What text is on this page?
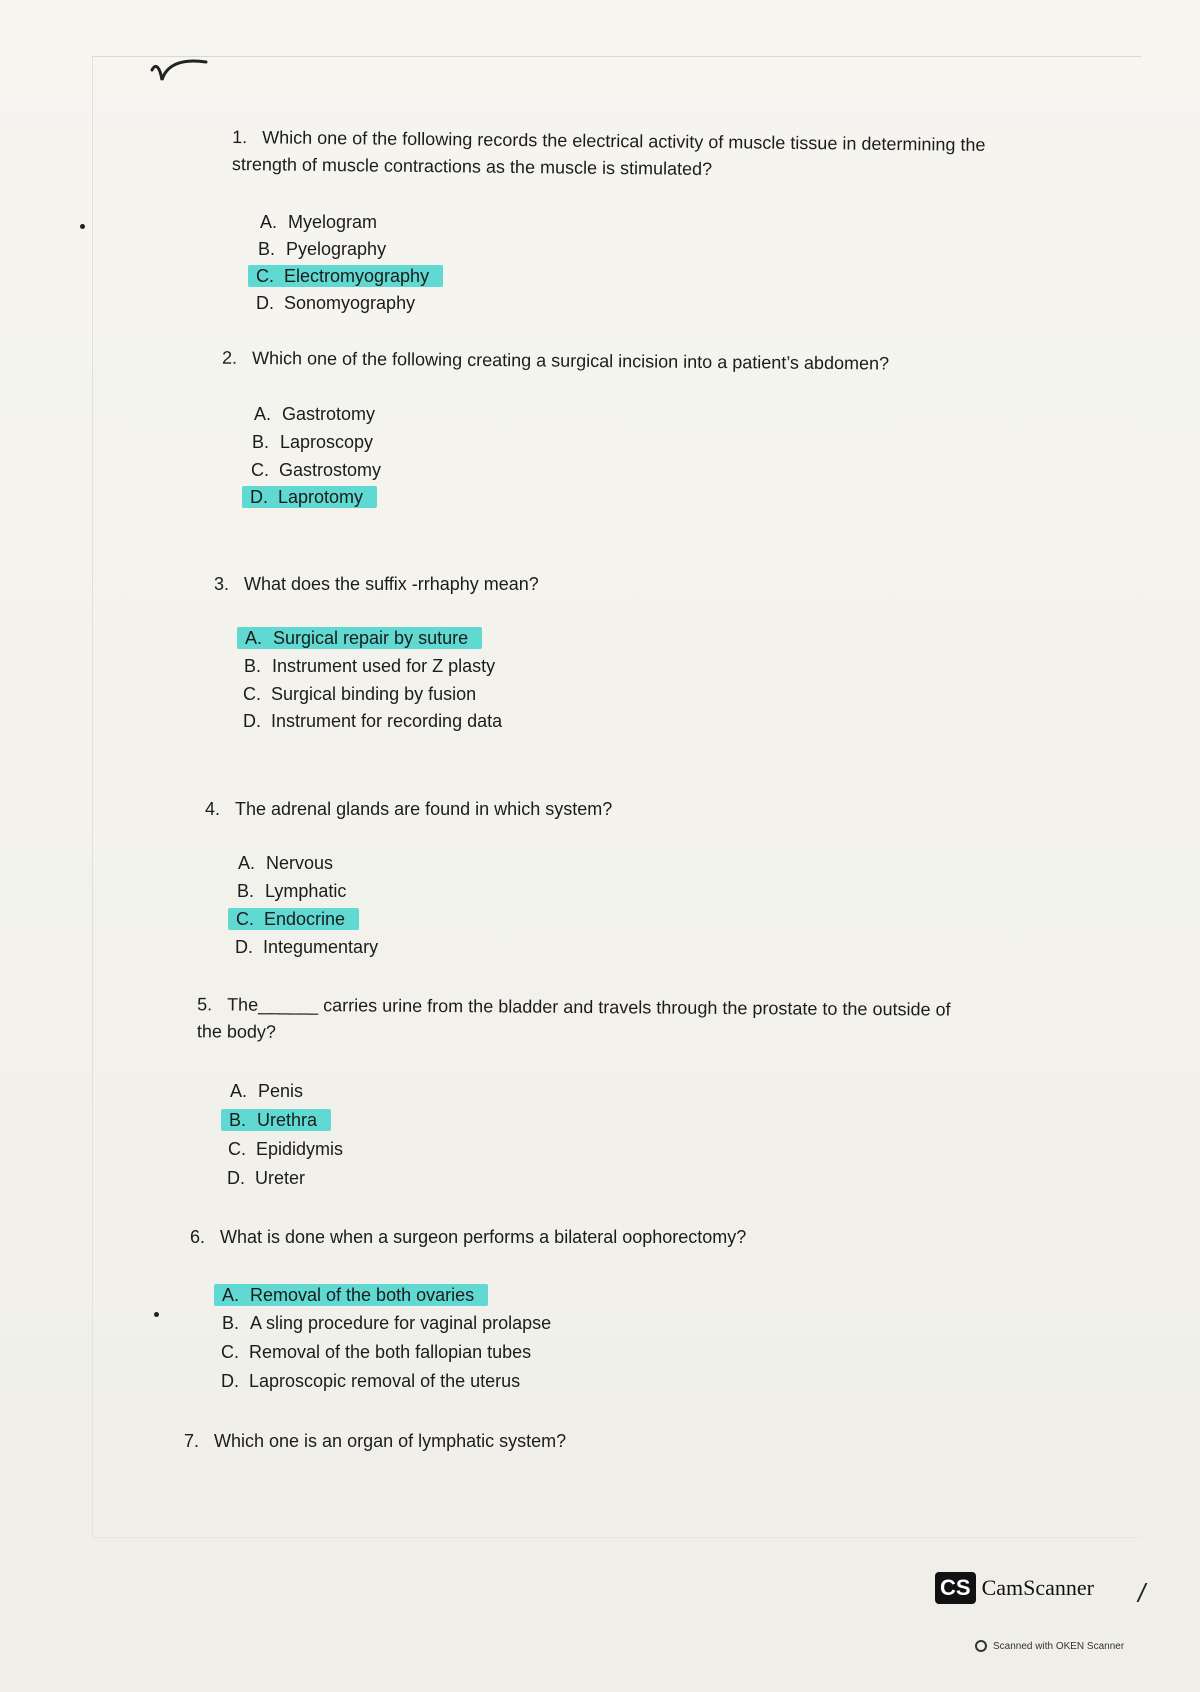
1. Which one of the following records the electrical activity of muscle tissue in determining the strength of muscle contractions as the muscle is stimulated?
A. Myelogram
B. Pyelography
C. Electromyography
D. Sonomyography
2. Which one of the following creating a surgical incision into a patient’s abdomen?
A. Gastrotomy
B. Laproscopy
C. Gastrostomy
D. Laprotomy
3. What does the suffix -rrhaphy mean?
A. Surgical repair by suture
B. Instrument used for Z plasty
C. Surgical binding by fusion
D. Instrument for recording data
4. The adrenal glands are found in which system?
A. Nervous
B. Lymphatic
C. Endocrine
D. Integumentary
5. The______ carries urine from the bladder and travels through the prostate to the outside of the body?
A. Penis
B. Urethra
C. Epididymis
D. Ureter
6. What is done when a surgeon performs a bilateral oophorectomy?
A. Removal of the both ovaries
B. A sling procedure for vaginal prolapse
C. Removal of the both fallopian tubes
D. Laproscopic removal of the uterus
7. Which one is an organ of lymphatic system?
CS CamScanner /
Scanned with OKEN Scanner
